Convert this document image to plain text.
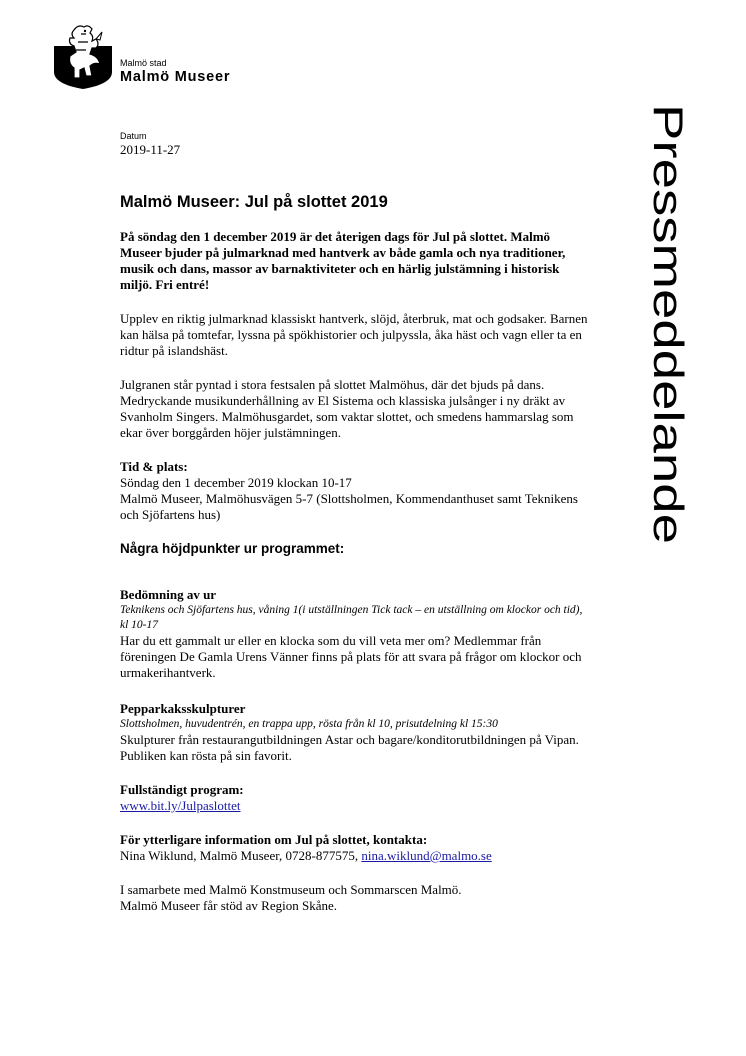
Malmö stad
Malmö Museer
Pressmeddelande
Datum
2019-11-27
Malmö Museer: Jul på slottet 2019

På söndag den 1 december 2019 är det återigen dags för Jul på slottet. Malmö Museer bjuder på julmarknad med hantverk av både gamla och nya traditioner, musik och dans, massor av barnaktiviteter och en härlig julstämning i historisk miljö. Fri entré!

Upplev en riktig julmarknad klassiskt hantverk, slöjd, återbruk, mat och godsaker. Barnen kan hälsa på tomtefar, lyssna på spökhistorier och julpyssla, åka häst och vagn eller ta en ridtur på islandshäst.

Julgranen står pyntad i stora festsalen på slottet Malmöhus, där det bjuds på dans. Medryckande musikunderhållning av El Sistema och klassiska julsånger i ny dräkt av Svanholm Singers. Malmöhusgardet, som vaktar slottet, och smedens hammarslag som ekar över borggården höjer julstämningen.

Tid & plats:
Söndag den 1 december 2019 klockan 10-17
Malmö Museer, Malmöhusvägen 5-7 (Slottsholmen, Kommendanthuset samt Teknikens och Sjöfartens hus)

Några höjdpunkter ur programmet:

Bedömning av ur
Teknikens och Sjöfartens hus, våning 1(i utställningen Tick tack – en utställning om klockor och tid), kl 10-17
Har du ett gammalt ur eller en klocka som du vill veta mer om? Medlemmar från föreningen De Gamla Urens Vänner finns på plats för att svara på frågor om klockor och urmakerihantverk.

Pepparkaksskulpturer
Slottsholmen, huvudentrén, en trappa upp, rösta från kl 10, prisutdelning kl 15:30
Skulpturer från restaurangutbildningen Astar och bagare/konditorutbildningen på Vipan. Publiken kan rösta på sin favorit.

Fullständigt program:
www.bit.ly/Julpaslottet

För ytterligare information om Jul på slottet, kontakta:
Nina Wiklund, Malmö Museer, 0728-877575, nina.wiklund@malmo.se

I samarbete med Malmö Konstmuseum och Sommarscen Malmö.
Malmö Museer får stöd av Region Skåne.
